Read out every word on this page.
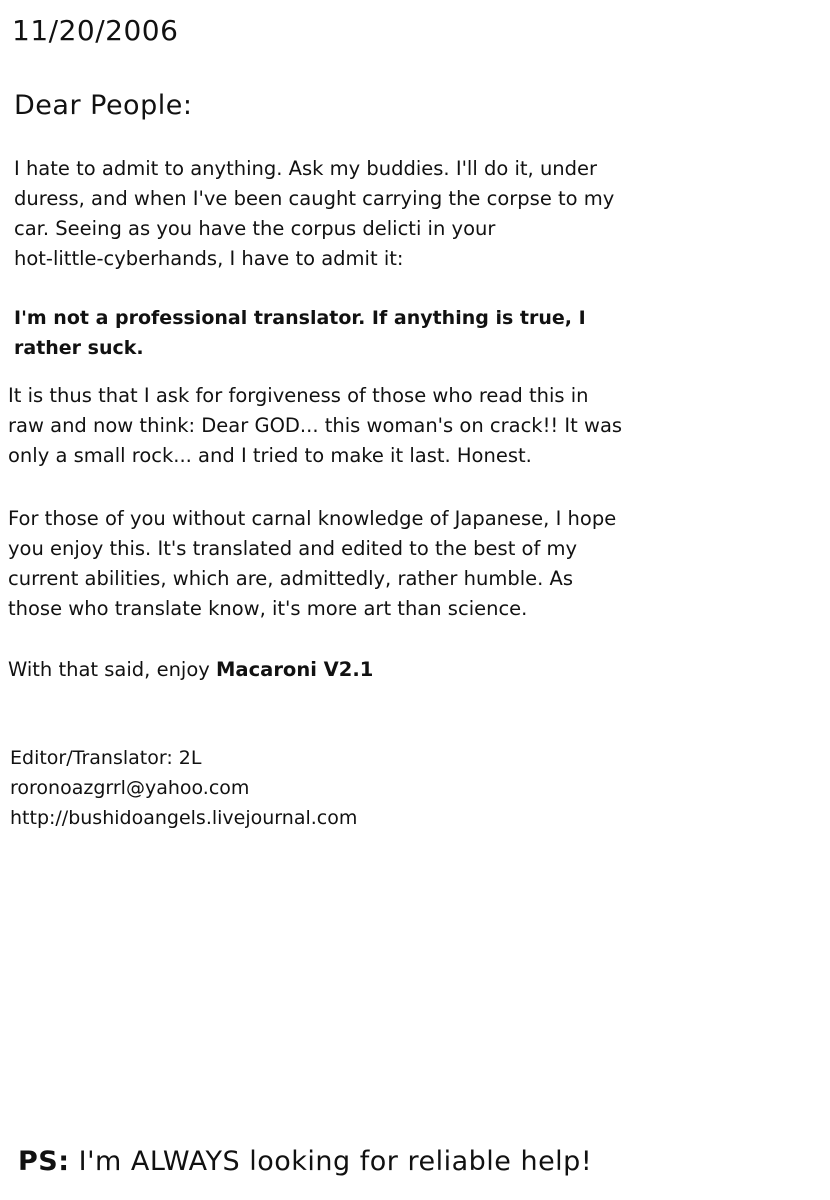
11/20/2006
Dear People:
I hate to admit to anything. Ask my buddies. I'll do it, under
duress, and when I've been caught carrying the corpse to my
car. Seeing as you have the corpus delicti in your
hot-little-cyberhands, I have to admit it:
I'm not a professional translator. If anything is true, I
rather suck.
It is thus that I ask for forgiveness of those who read this in
raw and now think: Dear GOD... this woman's on crack!! It was
only a small rock... and I tried to make it last. Honest.
For those of you without carnal knowledge of Japanese, I hope
you enjoy this. It's translated and edited to the best of my
current abilities, which are, admittedly, rather humble. As
those who translate know, it's more art than science.
With that said, enjoy Macaroni V2.1
Editor/Translator: 2L
roronoazgrrl@yahoo.com
http://bushidoangels.livejournal.com
PS: I'm ALWAYS looking for reliable help!
